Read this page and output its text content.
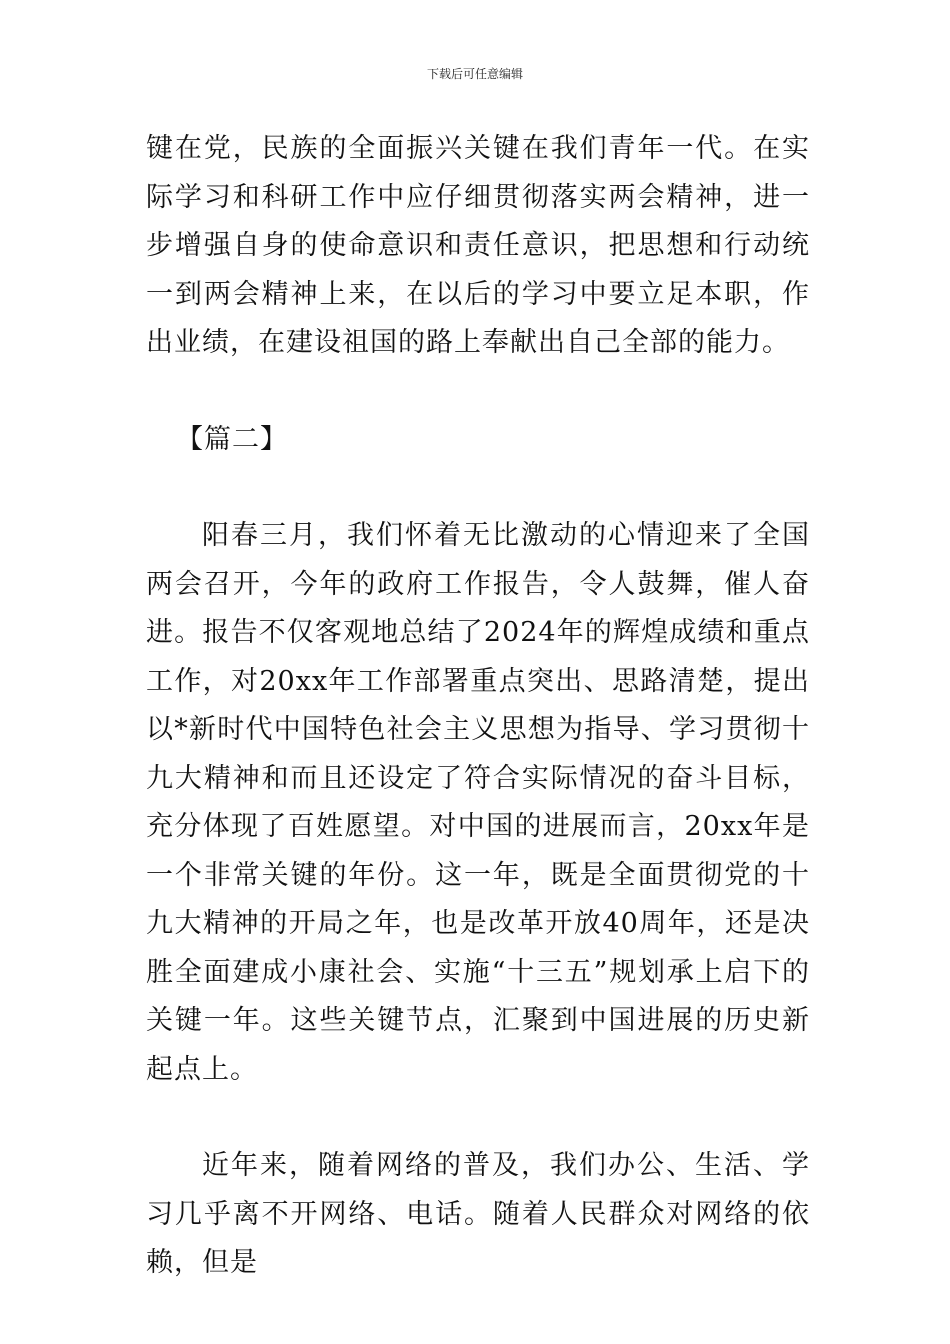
下载后可任意编辑

键在党，民族的全面振兴关键在我们青年一代。在实际学习和科研工作中应仔细贯彻落实两会精神，进一步增强自身的使命意识和责任意识，把思想和行动统一到两会精神上来，在以后的学习中要立足本职，作出业绩，在建设祖国的路上奉献出自己全部的能力。

【篇二】

阳春三月，我们怀着无比激动的心情迎来了全国两会召开，今年的政府工作报告，令人鼓舞，催人奋进。报告不仅客观地总结了2024年的辉煌成绩和重点工作，对20xx年工作部署重点突出、思路清楚，提出以*新时代中国特色社会主义思想为指导、学习贯彻十九大精神和而且还设定了符合实际情况的奋斗目标，充分体现了百姓愿望。对中国的进展而言，20xx年是一个非常关键的年份。这一年，既是全面贯彻党的十九大精神的开局之年，也是改革开放40周年，还是决胜全面建成小康社会、实施“十三五”规划承上启下的关键一年。这些关键节点，汇聚到中国进展的历史新起点上。

近年来，随着网络的普及，我们办公、生活、学习几乎离不开网络、电话。随着人民群众对网络的依赖，但是
